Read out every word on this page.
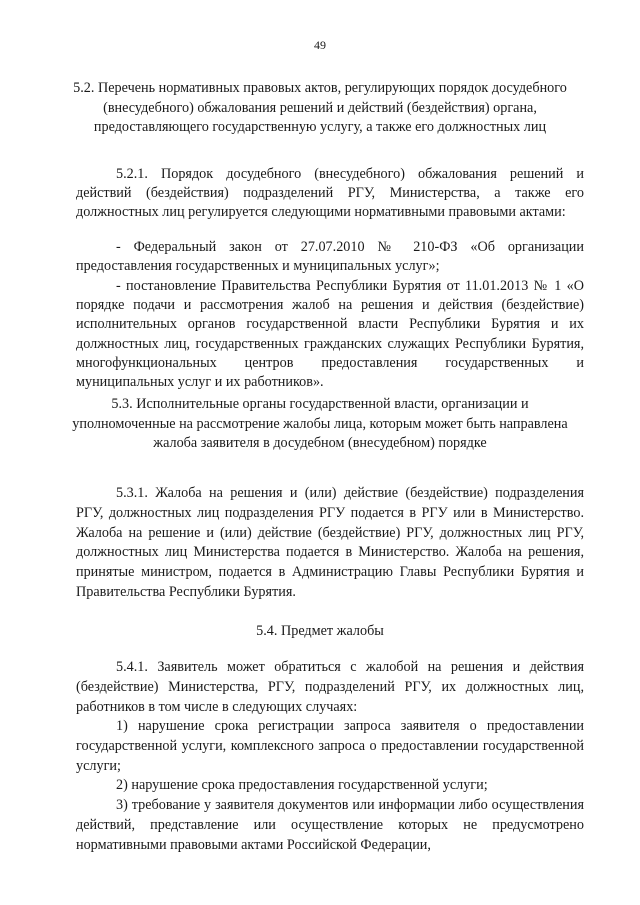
49
5.2. Перечень нормативных правовых актов, регулирующих порядок досудебного (внесудебного) обжалования решений и действий (бездействия) органа, предоставляющего государственную услугу, а также его должностных лиц

5.2.1. Порядок досудебного (внесудебного) обжалования решений и действий (бездействия) подразделений РГУ, Министерства, а также его должностных лиц регулируется следующими нормативными правовыми актами:

- Федеральный закон от 27.07.2010 № 210-ФЗ «Об организации предоставления государственных и муниципальных услуг»;

- постановление Правительства Республики Бурятия от 11.01.2013 № 1 «О порядке подачи и рассмотрения жалоб на решения и действия (бездействие) исполнительных органов государственной власти Республики Бурятия и их должностных лиц, государственных гражданских служащих Республики Бурятия, многофункциональных центров предоставления государственных и муниципальных услуг и их работников».

5.3. Исполнительные органы государственной власти, организации и уполномоченные на рассмотрение жалобы лица, которым может быть направлена жалоба заявителя в досудебном (внесудебном) порядке

5.3.1. Жалоба на решения и (или) действие (бездействие) подразделения РГУ, должностных лиц подразделения РГУ подается в РГУ или в Министерство. Жалоба на решение и (или) действие (бездействие) РГУ, должностных лиц РГУ, должностных лиц Министерства подается в Министерство. Жалоба на решения, принятые министром, подается в Администрацию Главы Республики Бурятия и Правительства Республики Бурятия.

5.4. Предмет жалобы

5.4.1. Заявитель может обратиться с жалобой на решения и действия (бездействие) Министерства, РГУ, подразделений РГУ, их должностных лиц, работников в том числе в следующих случаях:

1) нарушение срока регистрации запроса заявителя о предоставлении государственной услуги, комплексного запроса о предоставлении государственной услуги;

2) нарушение срока предоставления государственной услуги;

3) требование у заявителя документов или информации либо осуществления действий, представление или осуществление которых не предусмотрено нормативными правовыми актами Российской Федерации,
